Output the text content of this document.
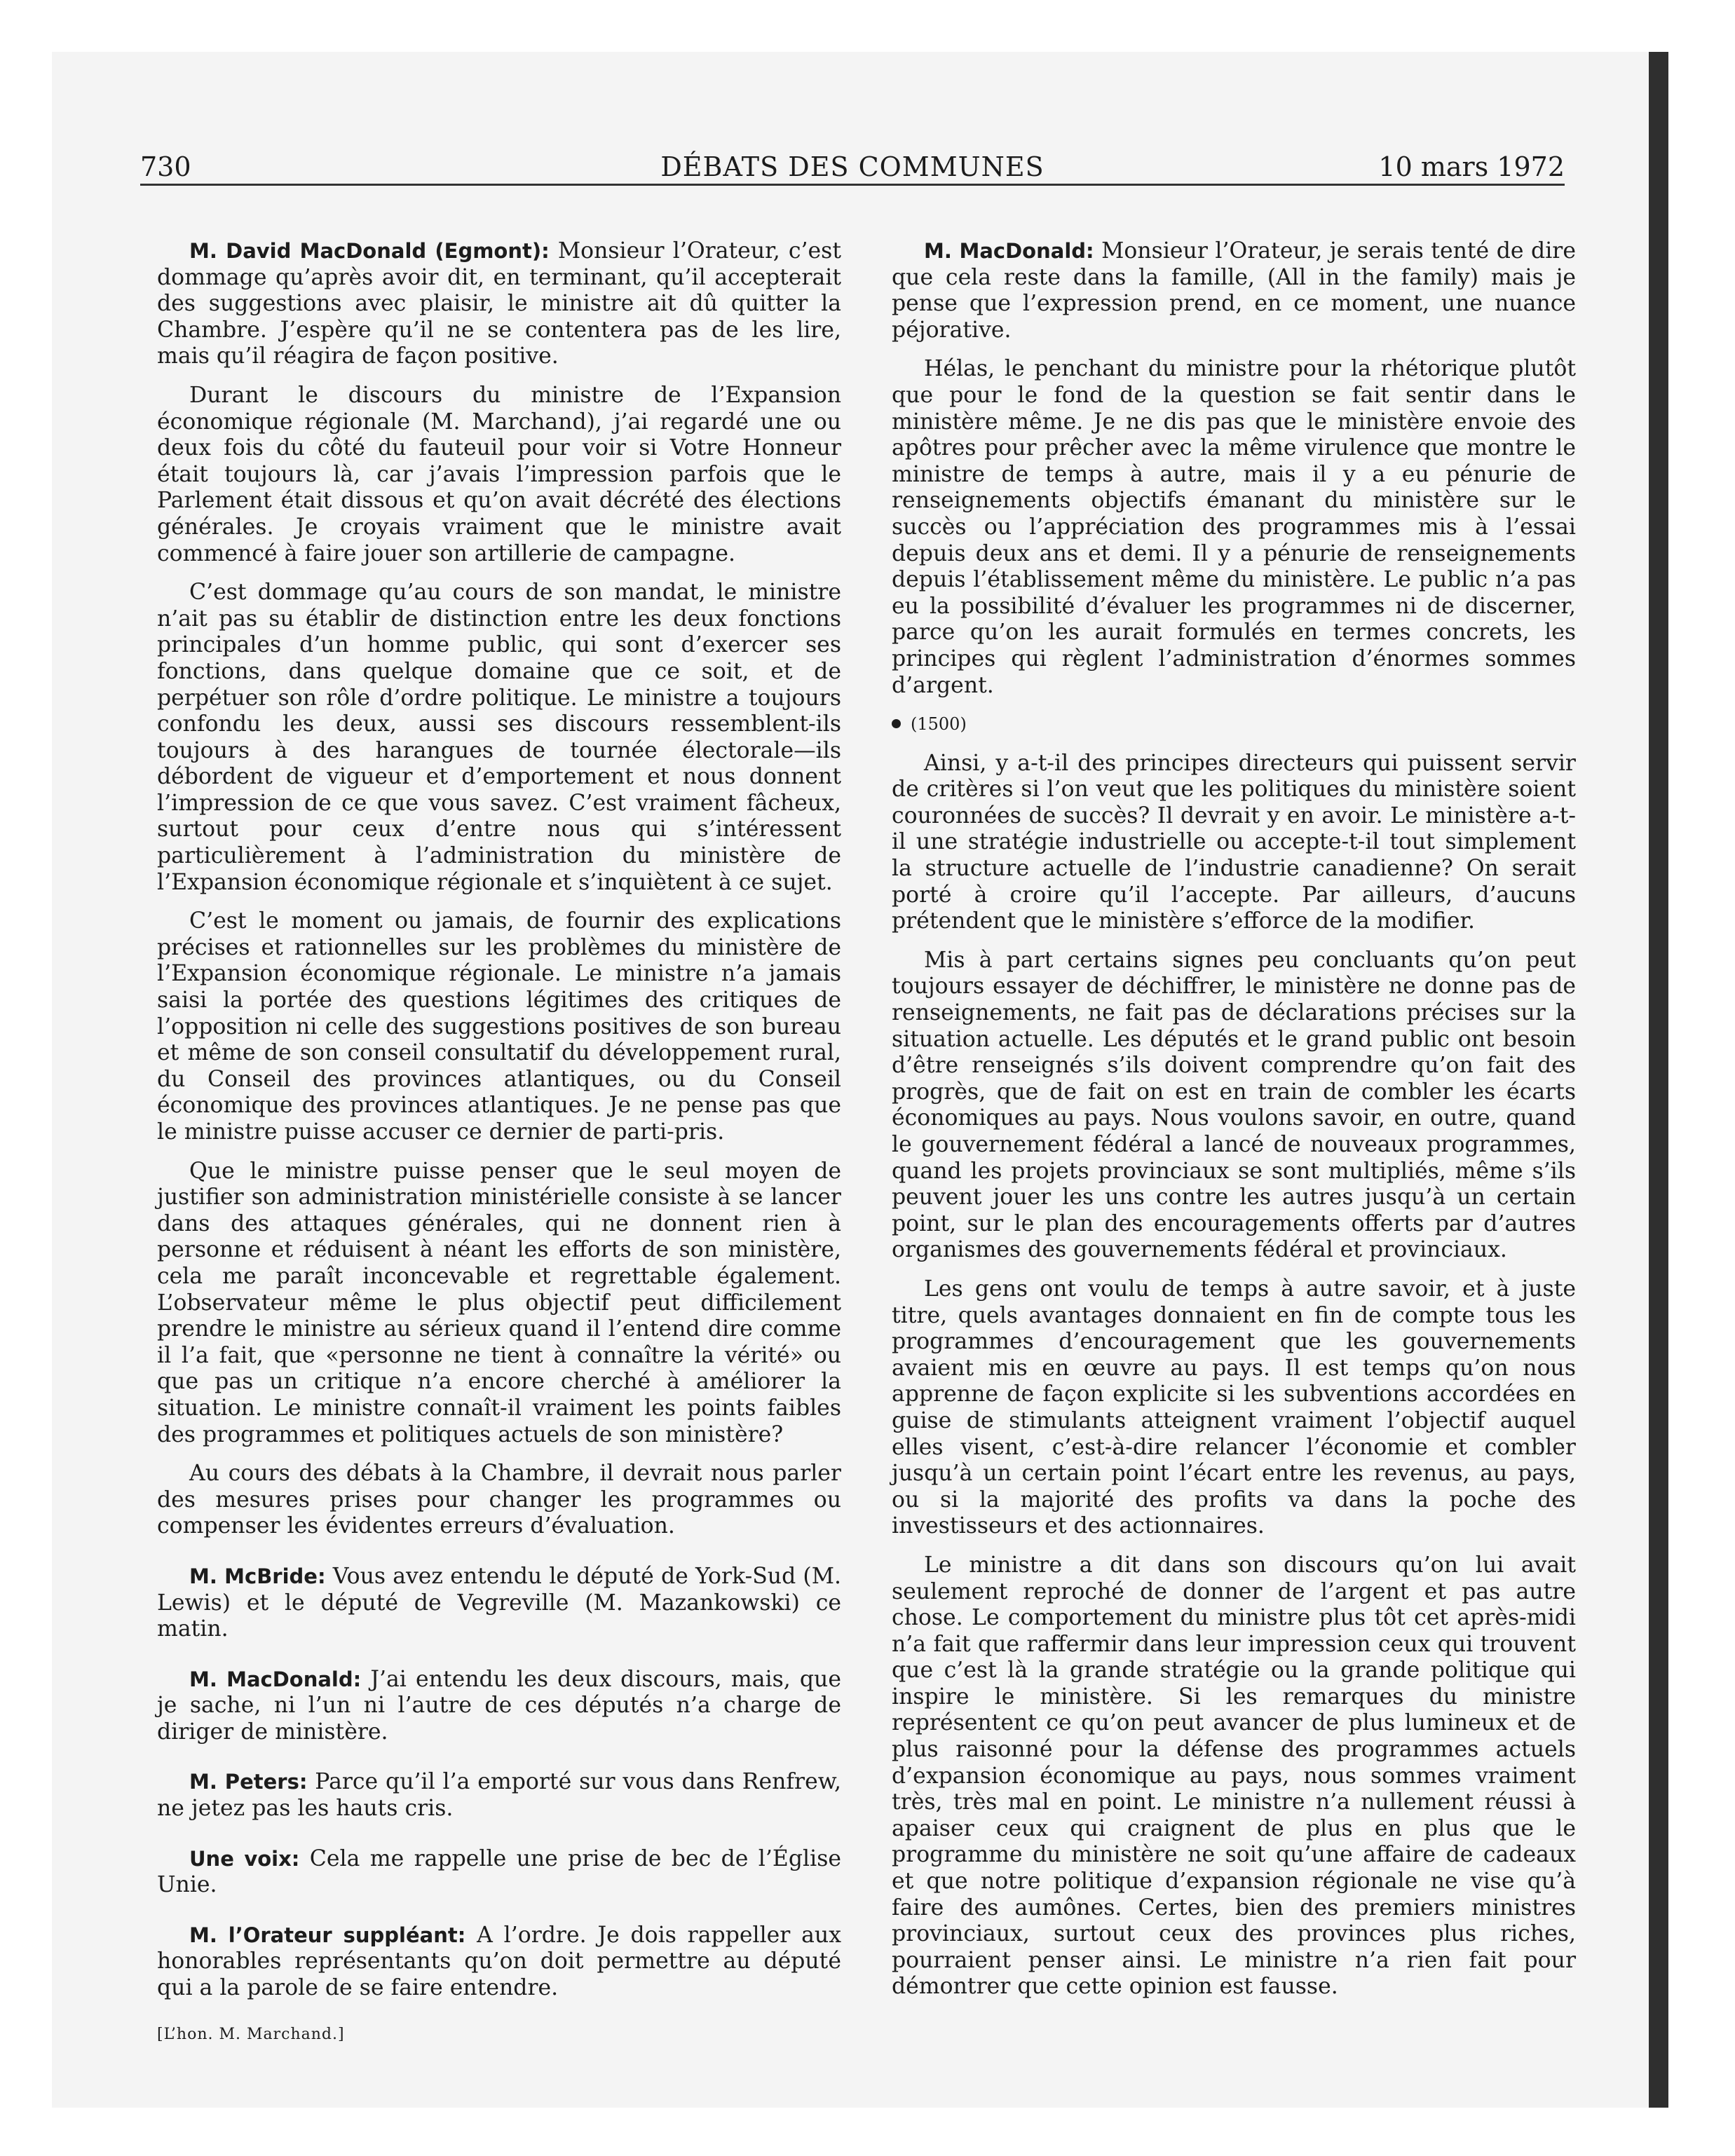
730	DÉBATS DES COMMUNES	10 mars 1972

M. David MacDonald (Egmont): Monsieur l’Orateur, c’est dommage qu’après avoir dit, en terminant, qu’il accepterait des suggestions avec plaisir, le ministre ait dû quitter la Chambre. J’espère qu’il ne se contentera pas de les lire, mais qu’il réagira de façon positive.

Durant le discours du ministre de l’Expansion économique régionale (M. Marchand), j’ai regardé une ou deux fois du côté du fauteuil pour voir si Votre Honneur était toujours là, car j’avais l’impression parfois que le Parlement était dissous et qu’on avait décrété des élections générales. Je croyais vraiment que le ministre avait commencé à faire jouer son artillerie de campagne.

C’est dommage qu’au cours de son mandat, le ministre n’ait pas su établir de distinction entre les deux fonctions principales d’un homme public, qui sont d’exercer ses fonctions, dans quelque domaine que ce soit, et de perpétuer son rôle d’ordre politique. Le ministre a toujours confondu les deux, aussi ses discours ressemblent-ils toujours à des harangues de tournée électorale—ils débordent de vigueur et d’emportement et nous donnent l’impression de ce que vous savez. C’est vraiment fâcheux, surtout pour ceux d’entre nous qui s’intéressent particulièrement à l’administration du ministère de l’Expansion économique régionale et s’inquiètent à ce sujet.

C’est le moment ou jamais, de fournir des explications précises et rationnelles sur les problèmes du ministère de l’Expansion économique régionale. Le ministre n’a jamais saisi la portée des questions légitimes des critiques de l’opposition ni celle des suggestions positives de son bureau et même de son conseil consultatif du développement rural, du Conseil des provinces atlantiques, ou du Conseil économique des provinces atlantiques. Je ne pense pas que le ministre puisse accuser ce dernier de parti-pris.

Que le ministre puisse penser que le seul moyen de justifier son administration ministérielle consiste à se lancer dans des attaques générales, qui ne donnent rien à personne et réduisent à néant les efforts de son ministère, cela me paraît inconcevable et regrettable également. L’observateur même le plus objectif peut difficilement prendre le ministre au sérieux quand il l’entend dire comme il l’a fait, que «personne ne tient à connaître la vérité» ou que pas un critique n’a encore cherché à améliorer la situation. Le ministre connaît-il vraiment les points faibles des programmes et politiques actuels de son ministère?

Au cours des débats à la Chambre, il devrait nous parler des mesures prises pour changer les programmes ou compenser les évidentes erreurs d’évaluation.

M. McBride: Vous avez entendu le député de York-Sud (M. Lewis) et le député de Vegreville (M. Mazankowski) ce matin.

M. MacDonald: J’ai entendu les deux discours, mais, que je sache, ni l’un ni l’autre de ces députés n’a charge de diriger de ministère.

M. Peters: Parce qu’il l’a emporté sur vous dans Renfrew, ne jetez pas les hauts cris.

Une voix: Cela me rappelle une prise de bec de l’Église Unie.

M. l’Orateur suppléant: A l’ordre. Je dois rappeller aux honorables représentants qu’on doit permettre au député qui a la parole de se faire entendre.

[L’hon. M. Marchand.]

M. MacDonald: Monsieur l’Orateur, je serais tenté de dire que cela reste dans la famille, (All in the family) mais je pense que l’expression prend, en ce moment, une nuance péjorative.

Hélas, le penchant du ministre pour la rhétorique plutôt que pour le fond de la question se fait sentir dans le ministère même. Je ne dis pas que le ministère envoie des apôtres pour prêcher avec la même virulence que montre le ministre de temps à autre, mais il y a eu pénurie de renseignements objectifs émanant du ministère sur le succès ou l’appréciation des programmes mis à l’essai depuis deux ans et demi. Il y a pénurie de renseignements depuis l’établissement même du ministère. Le public n’a pas eu la possibilité d’évaluer les programmes ni de discerner, parce qu’on les aurait formulés en termes concrets, les principes qui règlent l’administration d’énormes sommes d’argent.

(1500)

Ainsi, y a-t-il des principes directeurs qui puissent servir de critères si l’on veut que les politiques du ministère soient couronnées de succès? Il devrait y en avoir. Le ministère a-t-il une stratégie industrielle ou accepte-t-il tout simplement la structure actuelle de l’industrie canadienne? On serait porté à croire qu’il l’accepte. Par ailleurs, d’aucuns prétendent que le ministère s’efforce de la modifier.

Mis à part certains signes peu concluants qu’on peut toujours essayer de déchiffrer, le ministère ne donne pas de renseignements, ne fait pas de déclarations précises sur la situation actuelle. Les députés et le grand public ont besoin d’être renseignés s’ils doivent comprendre qu’on fait des progrès, que de fait on est en train de combler les écarts économiques au pays. Nous voulons savoir, en outre, quand le gouvernement fédéral a lancé de nouveaux programmes, quand les projets provinciaux se sont multipliés, même s’ils peuvent jouer les uns contre les autres jusqu’à un certain point, sur le plan des encouragements offerts par d’autres organismes des gouvernements fédéral et provinciaux.

Les gens ont voulu de temps à autre savoir, et à juste titre, quels avantages donnaient en fin de compte tous les programmes d’encouragement que les gouvernements avaient mis en œuvre au pays. Il est temps qu’on nous apprenne de façon explicite si les subventions accordées en guise de stimulants atteignent vraiment l’objectif auquel elles visent, c’est-à-dire relancer l’économie et combler jusqu’à un certain point l’écart entre les revenus, au pays, ou si la majorité des profits va dans la poche des investisseurs et des actionnaires.

Le ministre a dit dans son discours qu’on lui avait seulement reproché de donner de l’argent et pas autre chose. Le comportement du ministre plus tôt cet après-midi n’a fait que raffermir dans leur impression ceux qui trouvent que c’est là la grande stratégie ou la grande politique qui inspire le ministère. Si les remarques du ministre représentent ce qu’on peut avancer de plus lumineux et de plus raisonné pour la défense des programmes actuels d’expansion économique au pays, nous sommes vraiment très, très mal en point. Le ministre n’a nullement réussi à apaiser ceux qui craignent de plus en plus que le programme du ministère ne soit qu’une affaire de cadeaux et que notre politique d’expansion régionale ne vise qu’à faire des aumônes. Certes, bien des premiers ministres provinciaux, surtout ceux des provinces plus riches, pourraient penser ainsi. Le ministre n’a rien fait pour démontrer que cette opinion est fausse.
